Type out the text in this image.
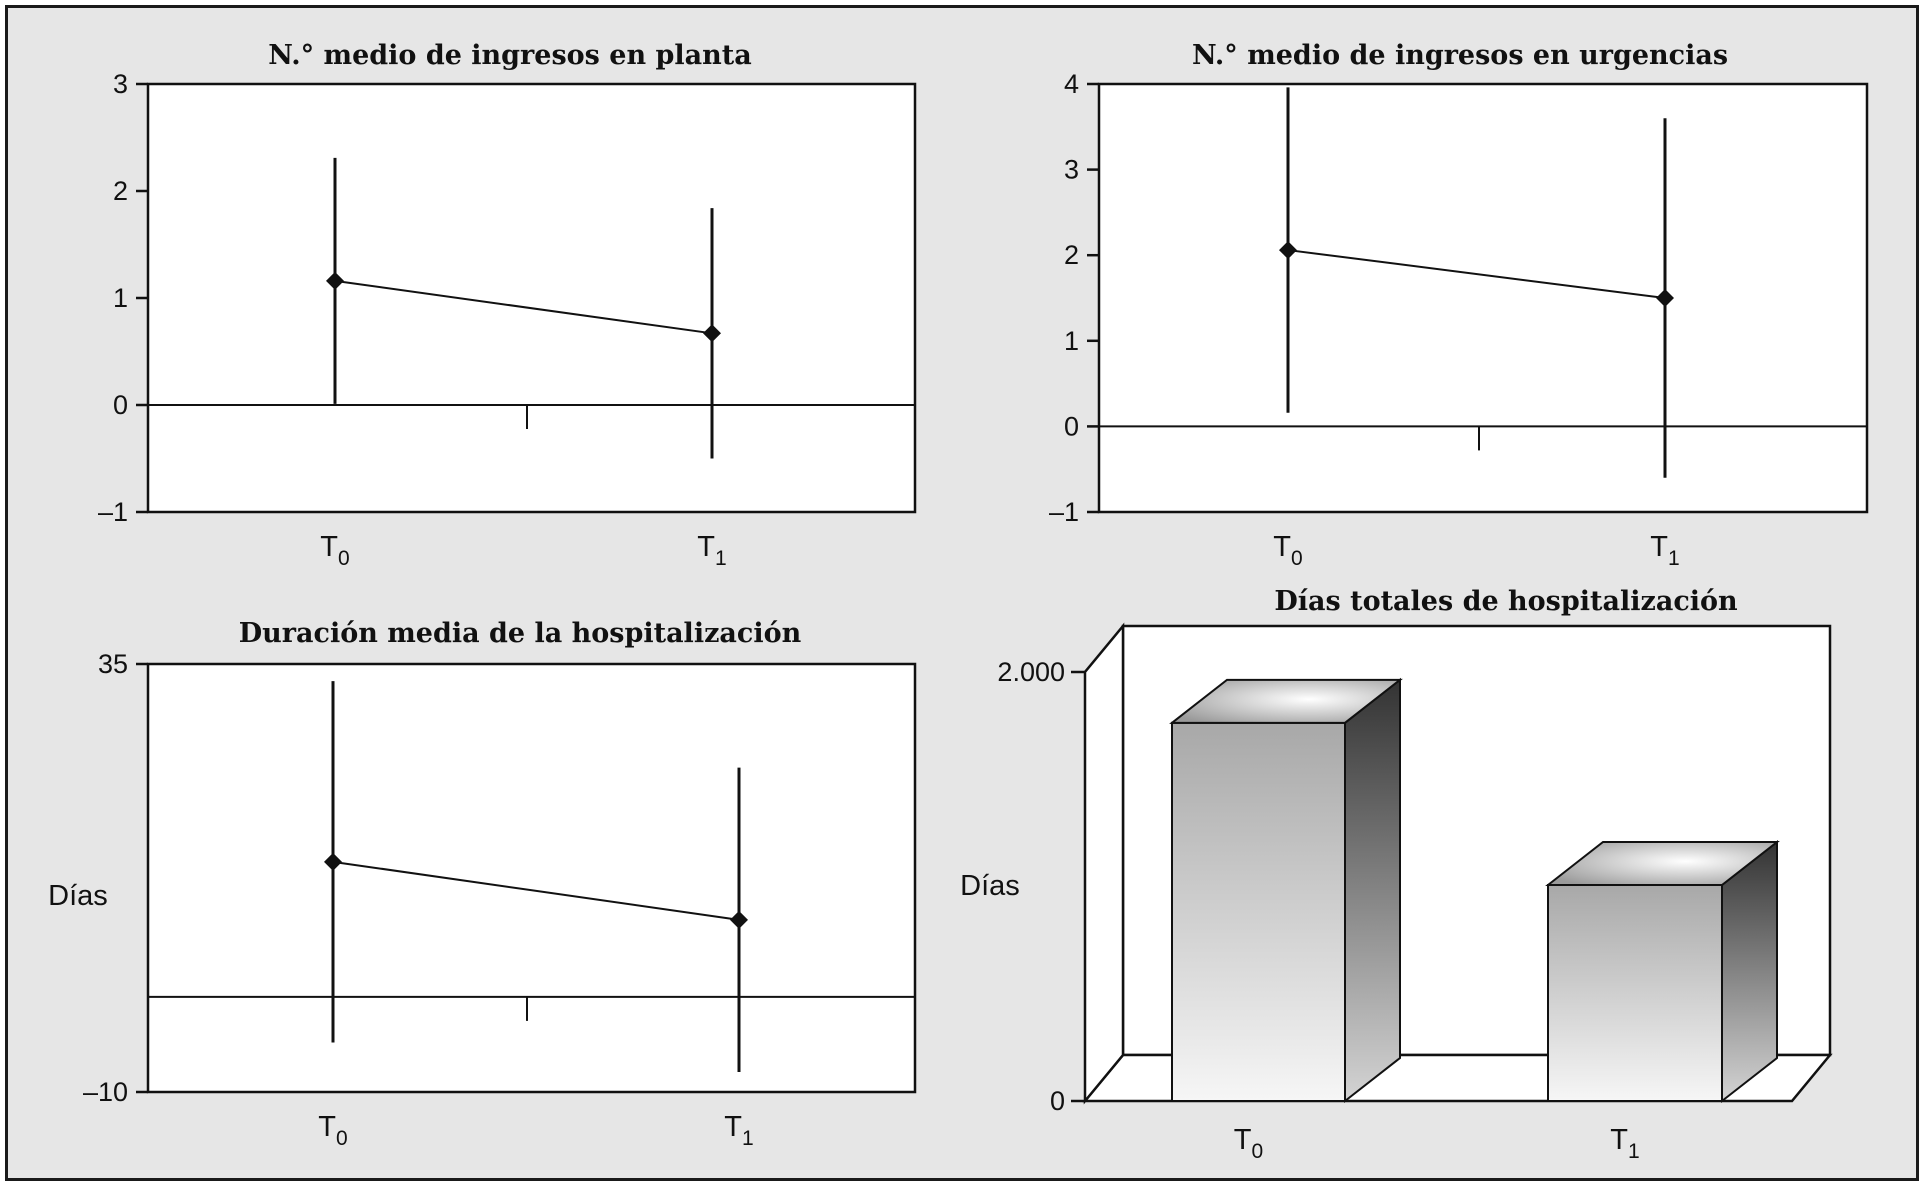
N.° medio de ingresos en planta
–1
0
1
2
3
$T_0$	$T_1$
N.° medio de ingresos en urgencias
–1
0
1
2
3
4
$T_0$	$T_1$
Duración media de la hospitalización
Días
–10
35
$T_0$	$T_1$
Días totales de hospitalización
Días
0
2.000
$T_0$	$T_1$
